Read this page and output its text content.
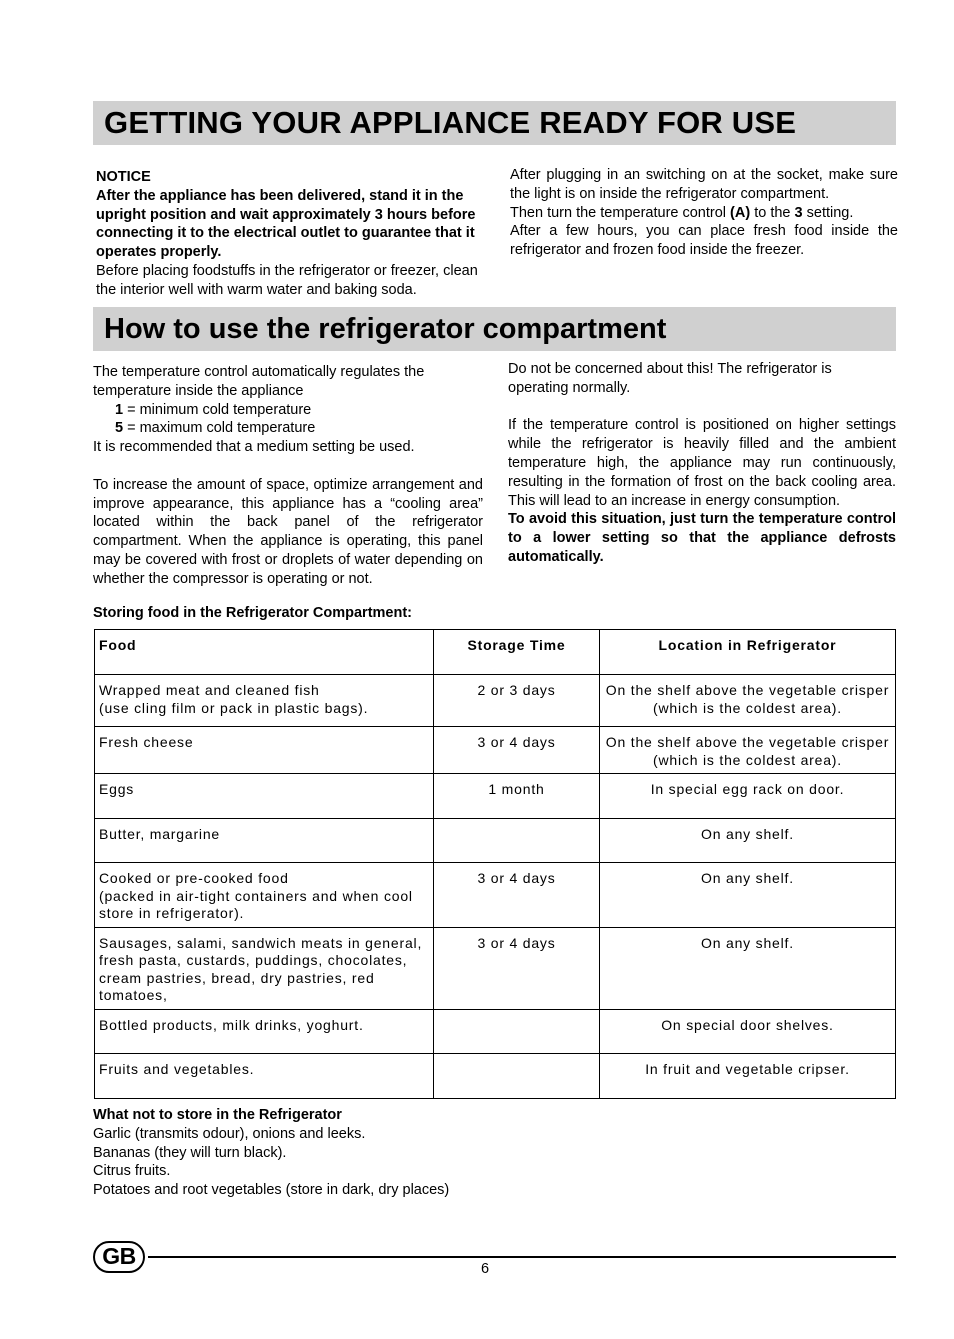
GETTING YOUR APPLIANCE READY FOR USE

NOTICE

After the appliance has been delivered, stand it in the upright position and wait approximately 3 hours before connecting it to the electrical outlet to guarantee that it operates properly.

Before placing foodstuffs in the refrigerator or freezer, clean the interior well with warm water and baking soda.

After plugging in an switching on at the socket, make sure the light is on inside the refrigerator compartment.

Then turn the temperature control (A) to the 3 setting.

After a few hours, you can place fresh food inside the refrigerator and frozen food inside the freezer.

How to use the refrigerator compartment

The temperature control automatically regulates the temperature inside the appliance

1 = minimum cold temperature

5 = maximum cold temperature

It is recommended that a medium setting be used.

To increase the amount of space, optimize arrangement and improve appearance, this appliance has a “cooling area” located within the back panel of the refrigerator compartment. When the appliance is operating, this panel may be covered with frost or droplets of water depending on whether the compressor is operating or not.

Do not be concerned about this! The refrigerator is operating normally.

If the temperature control is positioned on higher settings while the refrigerator is heavily filled and the ambient temperature high, the appliance may run continuously, resulting in the formation of frost on the back cooling area. This will lead to an increase in energy consumption.

To avoid this situation, just turn the temperature control to a lower setting so that the appliance defrosts automatically.

Storing food in the Refrigerator Compartment:
Food	Storage Time	Location in Refrigerator
Wrapped meat and cleaned fish
(use cling film or pack in plastic bags).	2 or 3 days	On the shelf above the vegetable crisper (which is the coldest area).
Fresh cheese	3 or 4 days	On the shelf above the vegetable crisper (which is the coldest area).
Eggs	1 month	In special egg rack on door.
Butter, margarine		On any shelf.
Cooked or pre-cooked food
(packed in air-tight containers and when cool store in refrigerator).	3 or 4 days	On any shelf.
Sausages, salami, sandwich meats in general, fresh pasta, custards, puddings, chocolates, cream pastries, bread, dry pastries, red tomatoes,	3 or 4 days	On any shelf.
Bottled products, milk drinks, yoghurt.		On special door shelves.
Fruits and vegetables.		In fruit and vegetable cripser.
What not to store in the Refrigerator
Garlic (transmits odour), onions and leeks.
Bananas (they will turn black).
Citrus fruits.
Potatoes and root vegetables (store in dark, dry places)
GB	6
